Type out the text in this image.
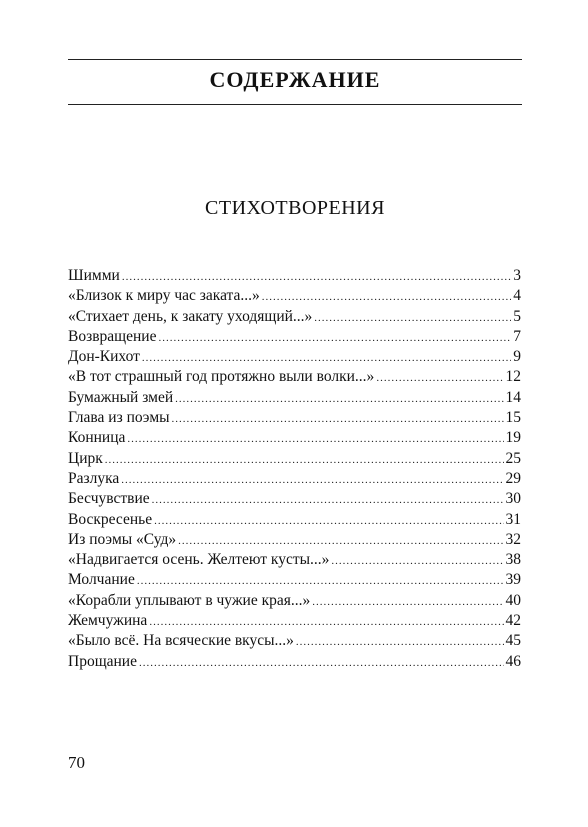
СОДЕРЖАНИЕ
СТИХОТВОРЕНИЯ
Шимми .....	3
«Близок к миру час заката...» .....	4
«Стихает день, к закату уходящий...» .....	5
Возвращение .....	7
Дон-Кихот .....	9
«В тот страшный год протяжно выли волки...» .....	12
Бумажный змей .....	14
Глава из поэмы .....	15
Конница .....	19
Цирк .....	25
Разлука .....	29
Бесчувствие .....	30
Воскресенье .....	31
Из поэмы «Суд» .....	32
«Надвигается осень. Желтеют кусты...» .....	38
Молчание .....	39
«Корабли уплывают в чужие края...» .....	40
Жемчужина .....	42
«Было всё. На всяческие вкусы...» .....	45
Прощание .....	46
70
